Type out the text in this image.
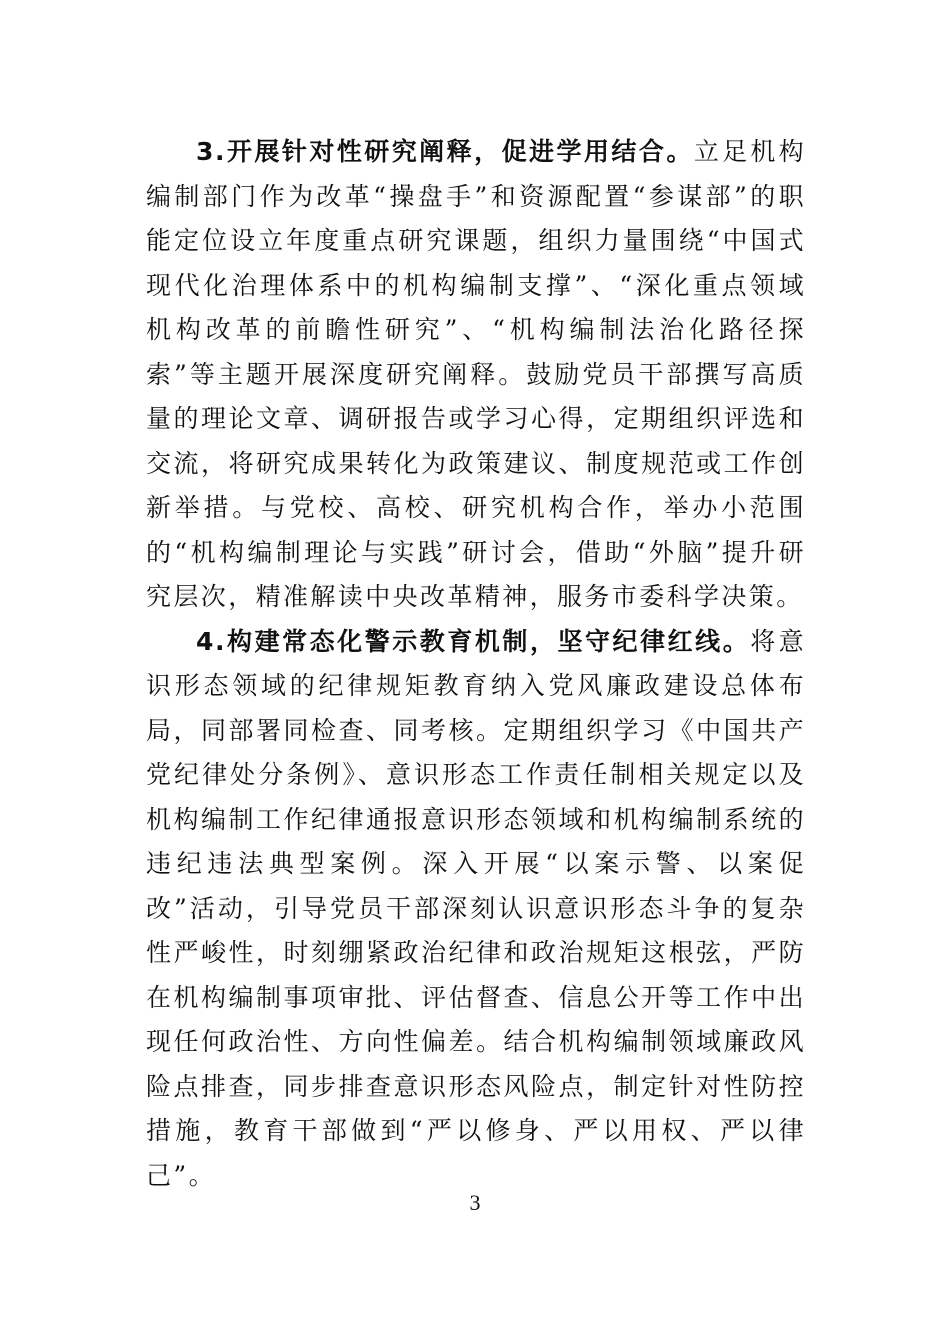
3.开展针对性研究阐释，促进学用结合。立足机构编制部门作为改革“操盘手”和资源配置“参谋部”的职能定位设立年度重点研究课题，组织力量围绕“中国式现代化治理体系中的机构编制支撑”、“深化重点领域机构改革的前瞻性研究”、“机构编制法治化路径探索”等主题开展深度研究阐释。鼓励党员干部撰写高质量的理论文章、调研报告或学习心得，定期组织评选和交流，将研究成果转化为政策建议、制度规范或工作创新举措。与党校、高校、研究机构合作，举办小范围的“机构编制理论与实践”研讨会，借助“外脑”提升研究层次，精准解读中央改革精神，服务市委科学决策。

4.构建常态化警示教育机制，坚守纪律红线。将意识形态领域的纪律规矩教育纳入党风廉政建设总体布局，同部署同检查、同考核。定期组织学习《中国共产党纪律处分条例》、意识形态工作责任制相关规定以及机构编制工作纪律通报意识形态领域和机构编制系统的违纪违法典型案例。深入开展“以案示警、以案促改”活动，引导党员干部深刻认识意识形态斗争的复杂性严峻性，时刻绷紧政治纪律和政治规矩这根弦，严防在机构编制事项审批、评估督查、信息公开等工作中出现任何政治性、方向性偏差。结合机构编制领域廉政风险点排查，同步排查意识形态风险点，制定针对性防控措施，教育干部做到“严以修身、严以用权、严以律己”。

3
